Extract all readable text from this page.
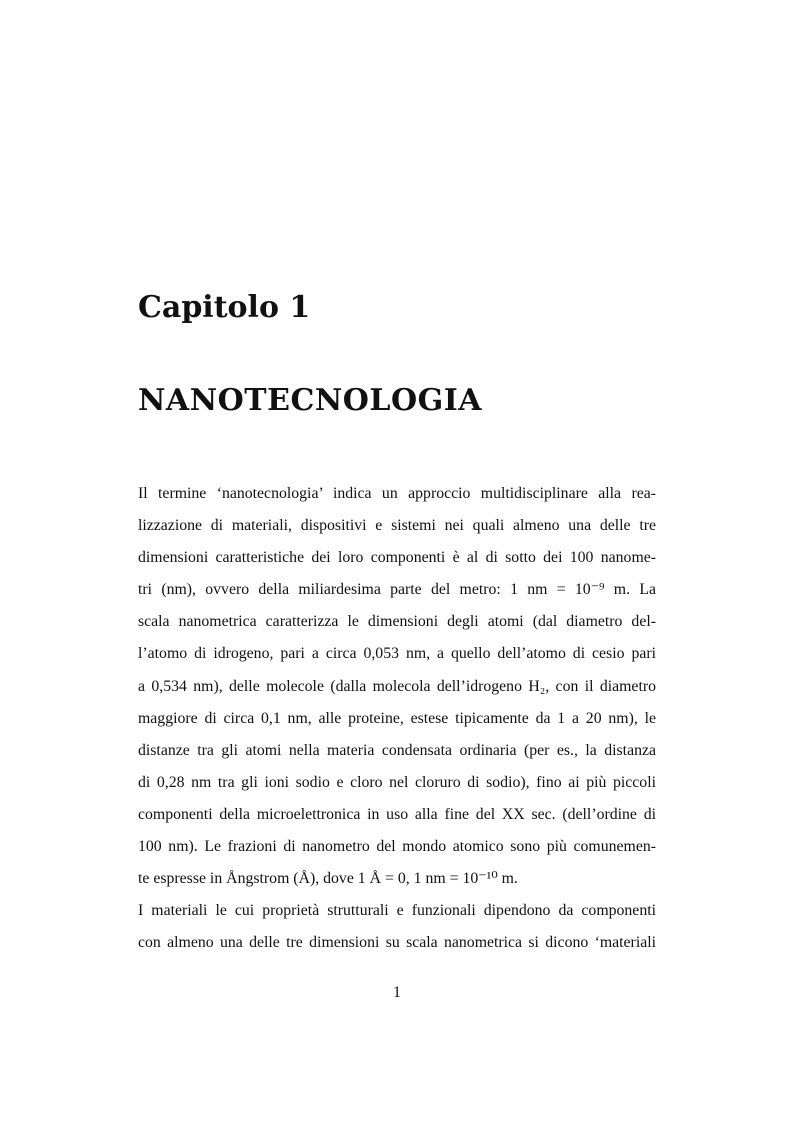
Capitolo 1
NANOTECNOLOGIA
Il termine ‘nanotecnologia’ indica un approccio multidisciplinare alla rea-
lizzazione di materiali, dispositivi e sistemi nei quali almeno una delle tre
dimensioni caratteristiche dei loro componenti è al di sotto dei 100 nanome-
tri (nm), ovvero della miliardesima parte del metro: 1 nm = 10⁻⁹ m. La
scala nanometrica caratterizza le dimensioni degli atomi (dal diametro del-
l’atomo di idrogeno, pari a circa 0,053 nm, a quello dell’atomo di cesio pari
a 0,534 nm), delle molecole (dalla molecola dell’idrogeno H₂, con il diametro
maggiore di circa 0,1 nm, alle proteine, estese tipicamente da 1 a 20 nm), le
distanze tra gli atomi nella materia condensata ordinaria (per es., la distanza
di 0,28 nm tra gli ioni sodio e cloro nel cloruro di sodio), fino ai più piccoli
componenti della microelettronica in uso alla fine del XX sec. (dell’ordine di
100 nm). Le frazioni di nanometro del mondo atomico sono più comunemen-
te espresse in Ångstrom (Å), dove 1 Å = 0, 1 nm = 10⁻¹⁰ m.
I materiali le cui proprietà strutturali e funzionali dipendono da componenti
con almeno una delle tre dimensioni su scala nanometrica si dicono ‘materiali
1
